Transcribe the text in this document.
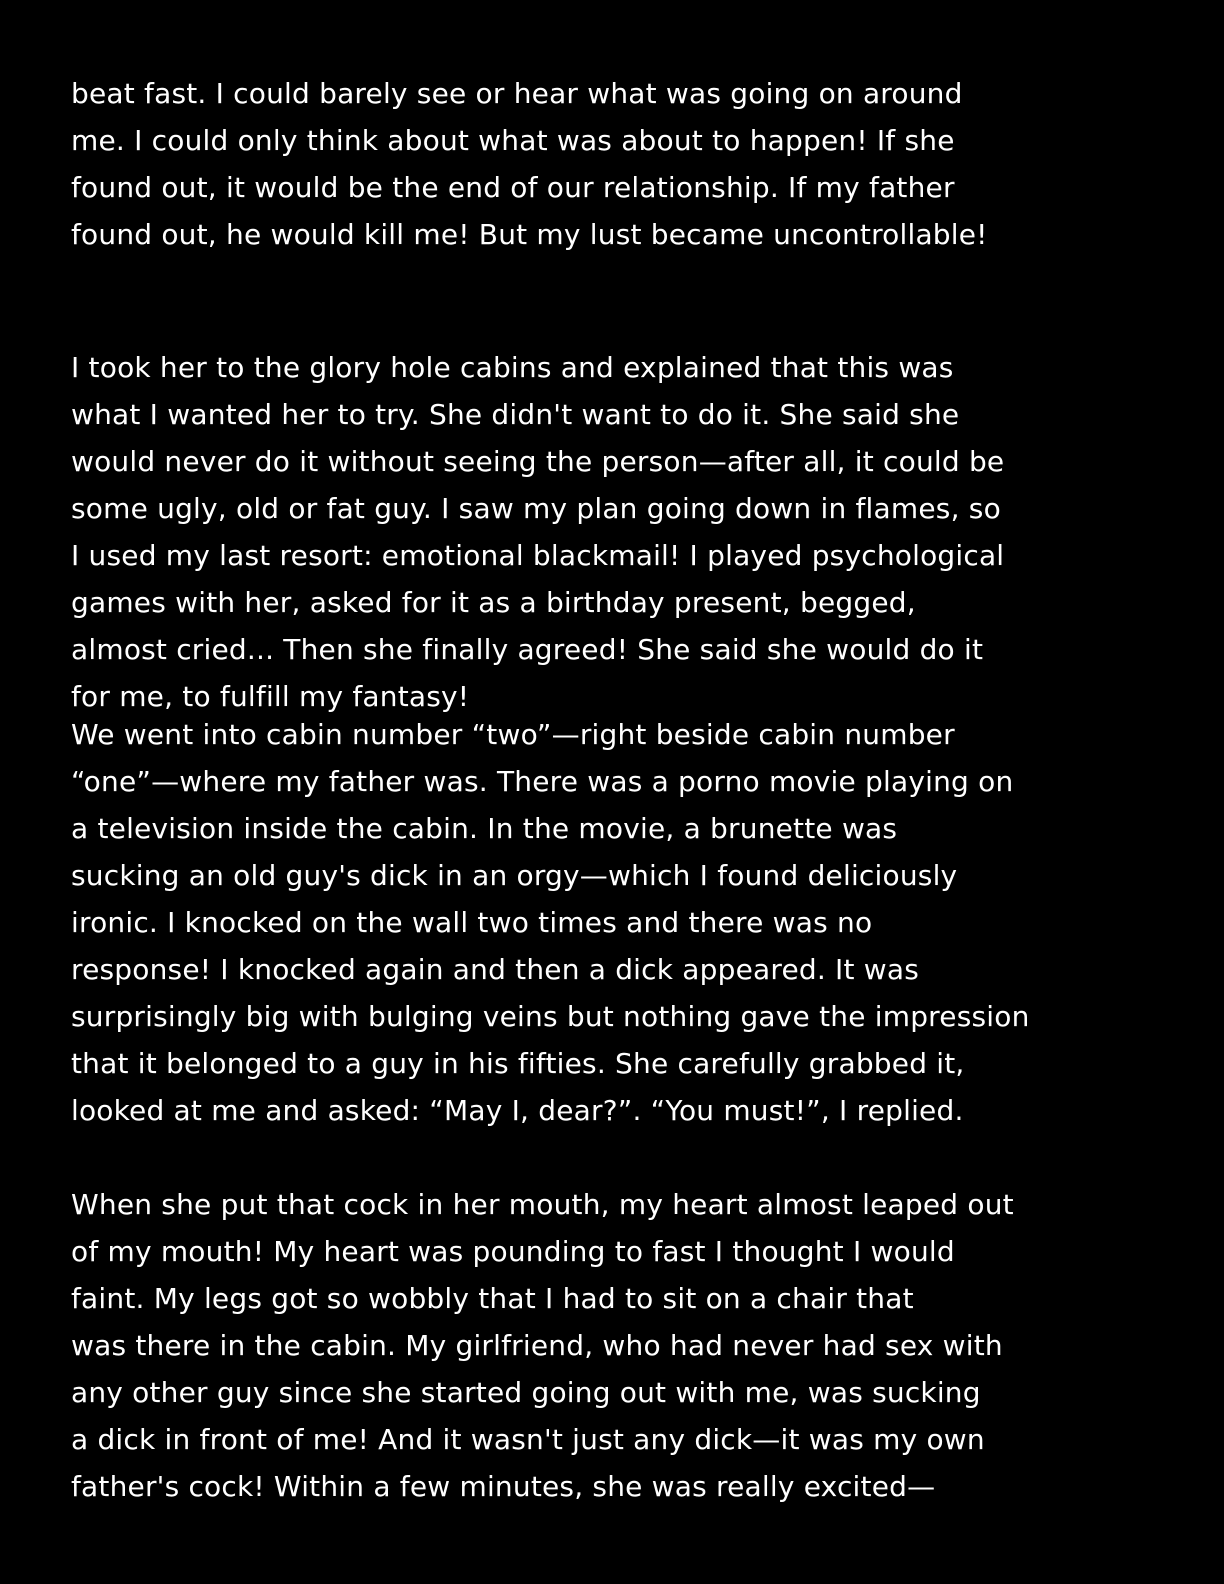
beat fast. I could barely see or hear what was going on around
me. I could only think about what was about to happen! If she
found out, it would be the end of our relationship. If my father
found out, he would kill me! But my lust became uncontrollable!
I took her to the glory hole cabins and explained that this was
what I wanted her to try. She didn't want to do it. She said she
would never do it without seeing the person—after all, it could be
some ugly, old or fat guy. I saw my plan going down in flames, so
I used my last resort: emotional blackmail! I played psychological
games with her, asked for it as a birthday present, begged,
almost cried... Then she finally agreed! She said she would do it
for me, to fulfill my fantasy!
We went into cabin number “two”—right beside cabin number
“one”—where my father was. There was a porno movie playing on
a television inside the cabin. In the movie, a brunette was
sucking an old guy's dick in an orgy—which I found deliciously
ironic. I knocked on the wall two times and there was no
response! I knocked again and then a dick appeared. It was
surprisingly big with bulging veins but nothing gave the impression
that it belonged to a guy in his fifties. She carefully grabbed it,
looked at me and asked: “May I, dear?”. “You must!”, I replied.
When she put that cock in her mouth, my heart almost leaped out
of my mouth! My heart was pounding to fast I thought I would
faint. My legs got so wobbly that I had to sit on a chair that
was there in the cabin. My girlfriend, who had never had sex with
any other guy since she started going out with me, was sucking
a dick in front of me! And it wasn't just any dick—it was my own
father's cock! Within a few minutes, she was really excited—
